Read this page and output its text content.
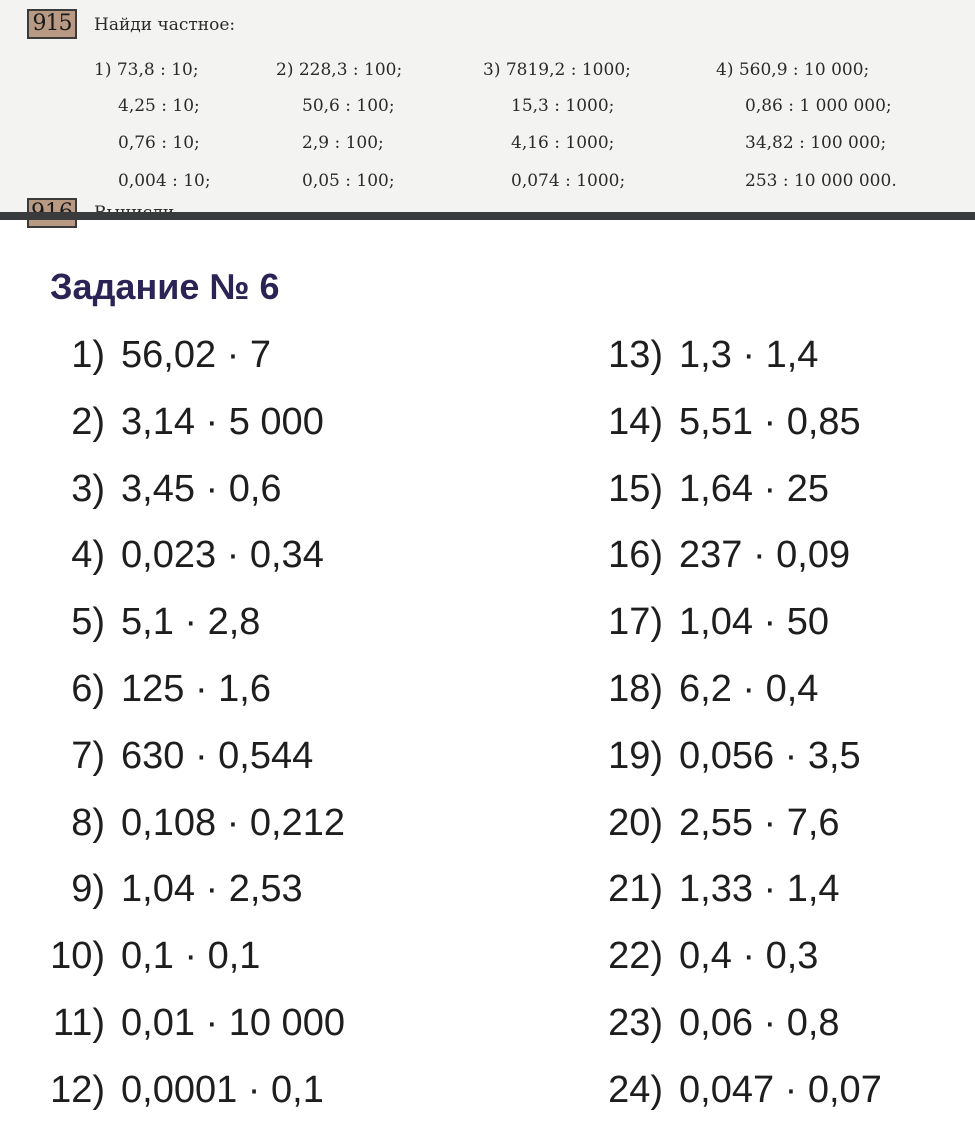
915	Найди частное:
1) 73,8 : 10;
4,25 : 10;
0,76 : 10;
0,004 : 10;
2) 228,3 : 100;
50,6 : 100;
2,9 : 100;
0,05 : 100;
3) 7819,2 : 1000;
15,3 : 1000;
4,16 : 1000;
0,074 : 1000;
4) 560,9 : 10 000;
0,86 : 1 000 000;
34,82 : 100 000;
253 : 10 000 000.
Задание № 6
1) 56,02 · 7
2) 3,14 · 5 000
3) 3,45 · 0,6
4) 0,023 · 0,34
5) 5,1 · 2,8
6) 125 · 1,6
7) 630 · 0,544
8) 0,108 · 0,212
9) 1,04 · 2,53
10) 0,1 · 0,1
11) 0,01 · 10 000
12) 0,0001 · 0,1
13) 1,3 · 1,4
14) 5,51 · 0,85
15) 1,64 · 25
16) 237 · 0,09
17) 1,04 · 50
18) 6,2 · 0,4
19) 0,056 · 3,5
20) 2,55 · 7,6
21) 1,33 · 1,4
22) 0,4 · 0,3
23) 0,06 · 0,8
24) 0,047 · 0,07
